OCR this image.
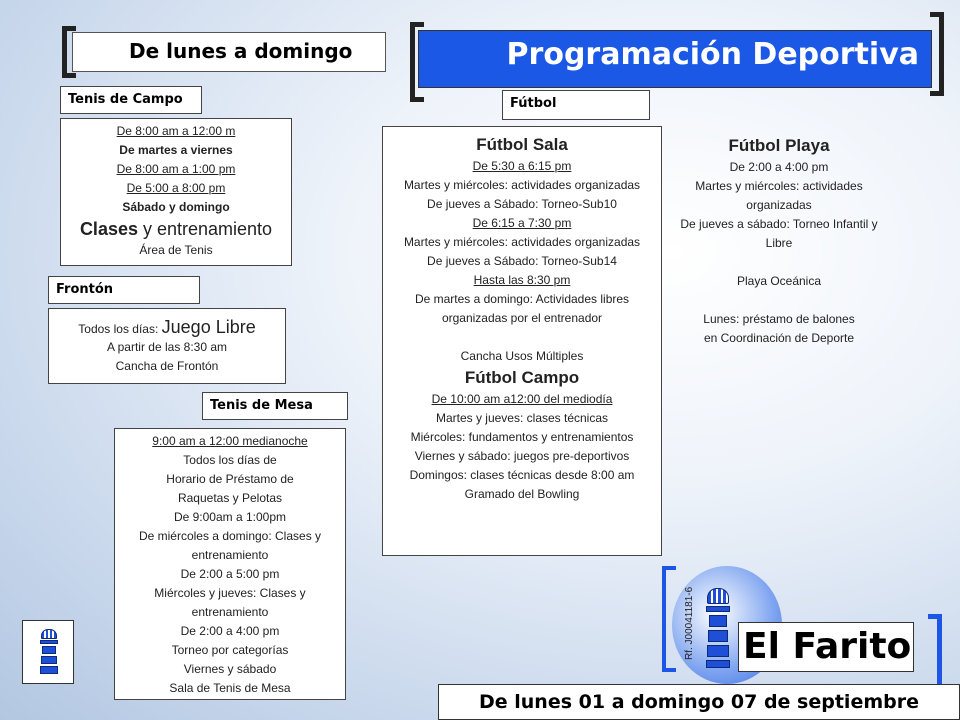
De lunes a domingo	Programación Deportiva
Tenis de Campo
De 8:00 am a 12:00 m
De martes a viernes
De 8:00 am a 1:00 pm
De 5:00 a 8:00 pm
Sábado y domingo
Clases y entrenamiento
Área de Tenis
Frontón
Todos los días: Juego Libre
A partir de las 8:30 am
Cancha de Frontón
Tenis de Mesa
9:00 am a 12:00 medianoche
Todos los días de
Horario de Préstamo de
Raquetas y Pelotas
De 9:00am a 1:00pm
De miércoles a domingo: Clases y
entrenamiento
De 2:00 a 5:00 pm
Miércoles y jueves: Clases y
entrenamiento
De 2:00 a 4:00 pm
Torneo por categorías
Viernes y sábado
Sala de Tenis de Mesa
Fútbol
Fútbol Sala
De 5:30 a 6:15 pm
Martes y miércoles: actividades organizadas
De jueves a Sábado: Torneo-Sub10
De 6:15 a 7:30 pm
Martes y miércoles: actividades organizadas
De jueves a Sábado: Torneo-Sub14
Hasta las 8:30 pm
De martes a domingo: Actividades libres
organizadas por el entrenador
Cancha Usos Múltiples
Fútbol Campo
De 10:00 am a12:00 del mediodía
Martes y jueves: clases técnicas
Miércoles: fundamentos y entrenamientos
Viernes y sábado: juegos pre-deportivos
Domingos: clases técnicas desde 8:00 am
Gramado del Bowling
Fútbol Playa
De 2:00 a 4:00 pm
Martes y miércoles: actividades
organizadas
De jueves a sábado: Torneo Infantil y
Libre
Playa Oceánica
Lunes: préstamo de balones
en Coordinación de Deporte
Rf. J00041181-6 El Farito
De lunes 01 a domingo 07 de septiembre
